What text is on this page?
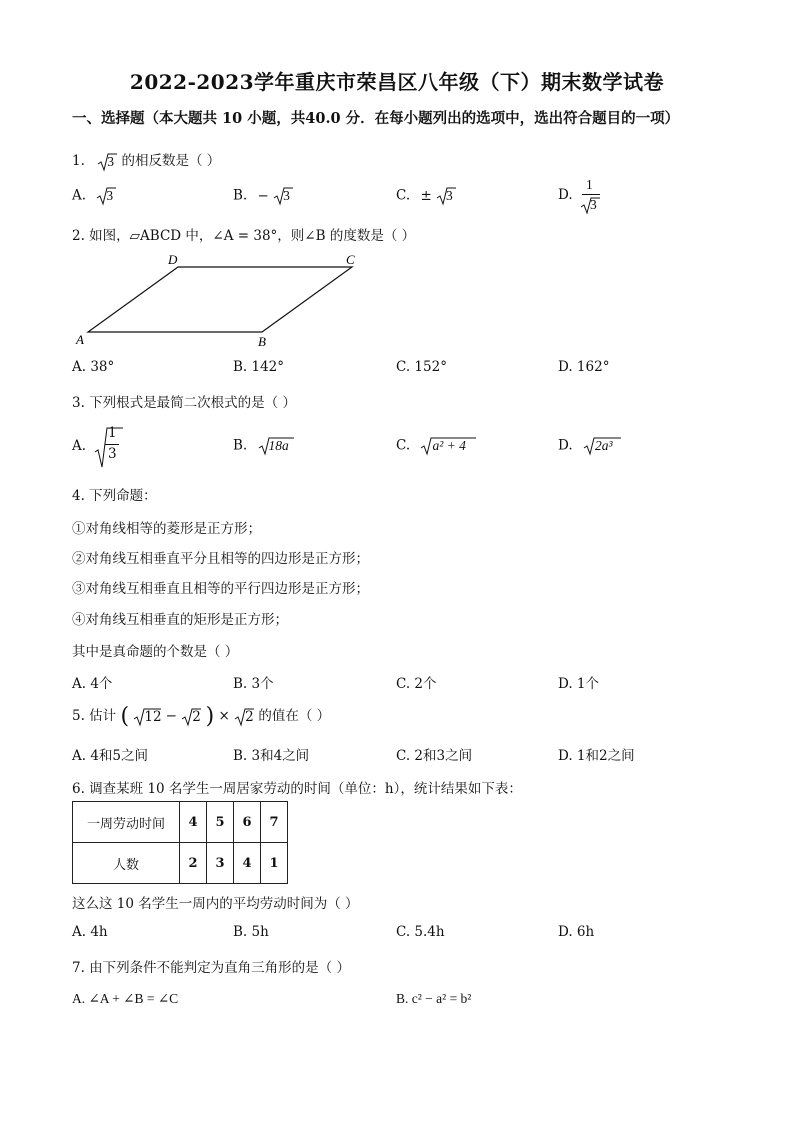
2022-2023学年重庆市荣昌区八年级（下）期末数学试卷
一、选择题（本大题共 10 小题，共40.0 分．在每小题列出的选项中，选出符合题目的一项）
1. 3 的相反数是（ ）
A. 3	B. − 3	C. ± 3	D.
1
3
2. 如图，▱ABCD 中，∠A = 38°，则∠B 的度数是（ ）
A	B
C
D
A. 38°	B. 142°	C. 152°	D. 162°
3. 下列根式是最简二次根式的是（ ）
A.
1
3
B. 18a	C. a² + 4	D. 2a³
4. 下列命题：
①对角线相等的菱形是正方形；
②对角线互相垂直平分且相等的四边形是正方形；
③对角线互相垂直且相等的平行四边形是正方形；
④对角线互相垂直的矩形是正方形；
其中是真命题的个数是（ ）
A. 4个	B. 3个	C. 2个	D. 1个
5. 估计 ( 12 − 2 ) × 2 的值在（ ）
A. 4和5之间	B. 3和4之间	C. 2和3之间	D. 1和2之间
6. 调查某班 10 名学生一周居家劳动的时间（单位：h），统计结果如下表：
一周劳动时间	4	5	6	7
人数	2	3	4	1
这么这 10 名学生一周内的平均劳动时间为（ ）
A. 4h	B. 5h	C. 5.4h	D. 6h
7. 由下列条件不能判定为直角三角形的是（ ）
A. ∠A + ∠B = ∠C	B. c² − a² = b²
